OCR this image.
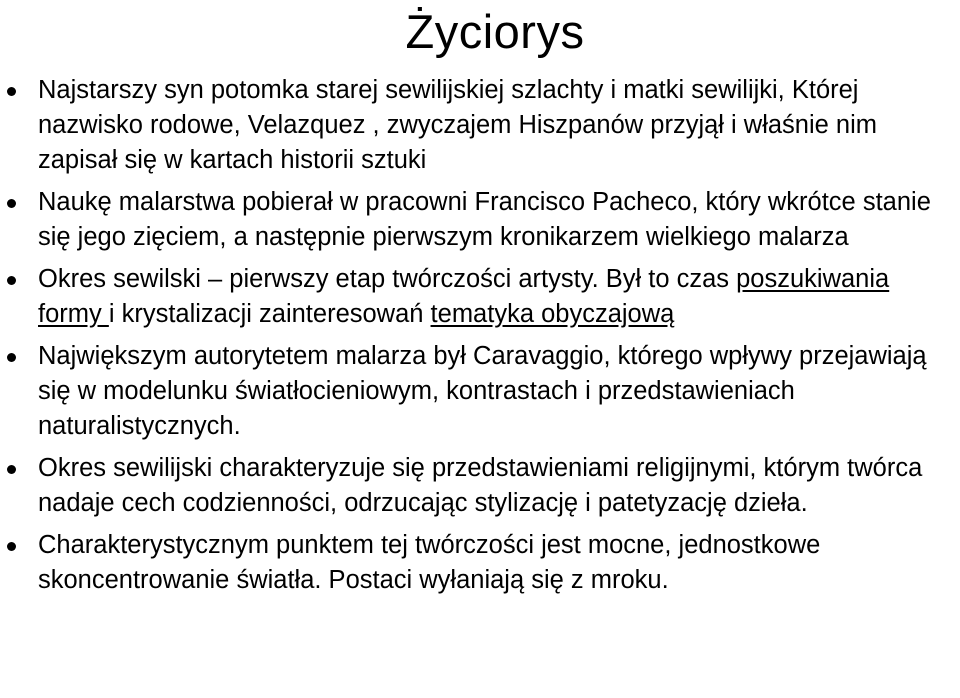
Życiorys
Najstarszy syn potomka starej sewilijskiej szlachty i matki sewilijki, Której nazwisko rodowe, Velazquez , zwyczajem Hiszpanów przyjął i właśnie nim zapisał się w kartach historii sztuki
Naukę malarstwa pobierał w pracowni Francisco Pacheco, który wkrótce stanie się jego zięciem, a następnie pierwszym kronikarzem wielkiego malarza
Okres sewilski – pierwszy etap twórczości artysty. Był to czas poszukiwania formy i krystalizacji zainteresowań tematyka obyczajową
Największym autorytetem malarza był Caravaggio, którego wpływy przejawiają się w modelunku światłocieniowym, kontrastach i przedstawieniach naturalistycznych.
Okres sewilijski charakteryzuje się przedstawieniami religijnymi, którym twórca nadaje cech codzienności, odrzucając stylizację i patetyzację dzieła.
Charakterystycznym punktem tej twórczości jest mocne, jednostkowe skoncentrowanie światła. Postaci wyłaniają się z mroku.
